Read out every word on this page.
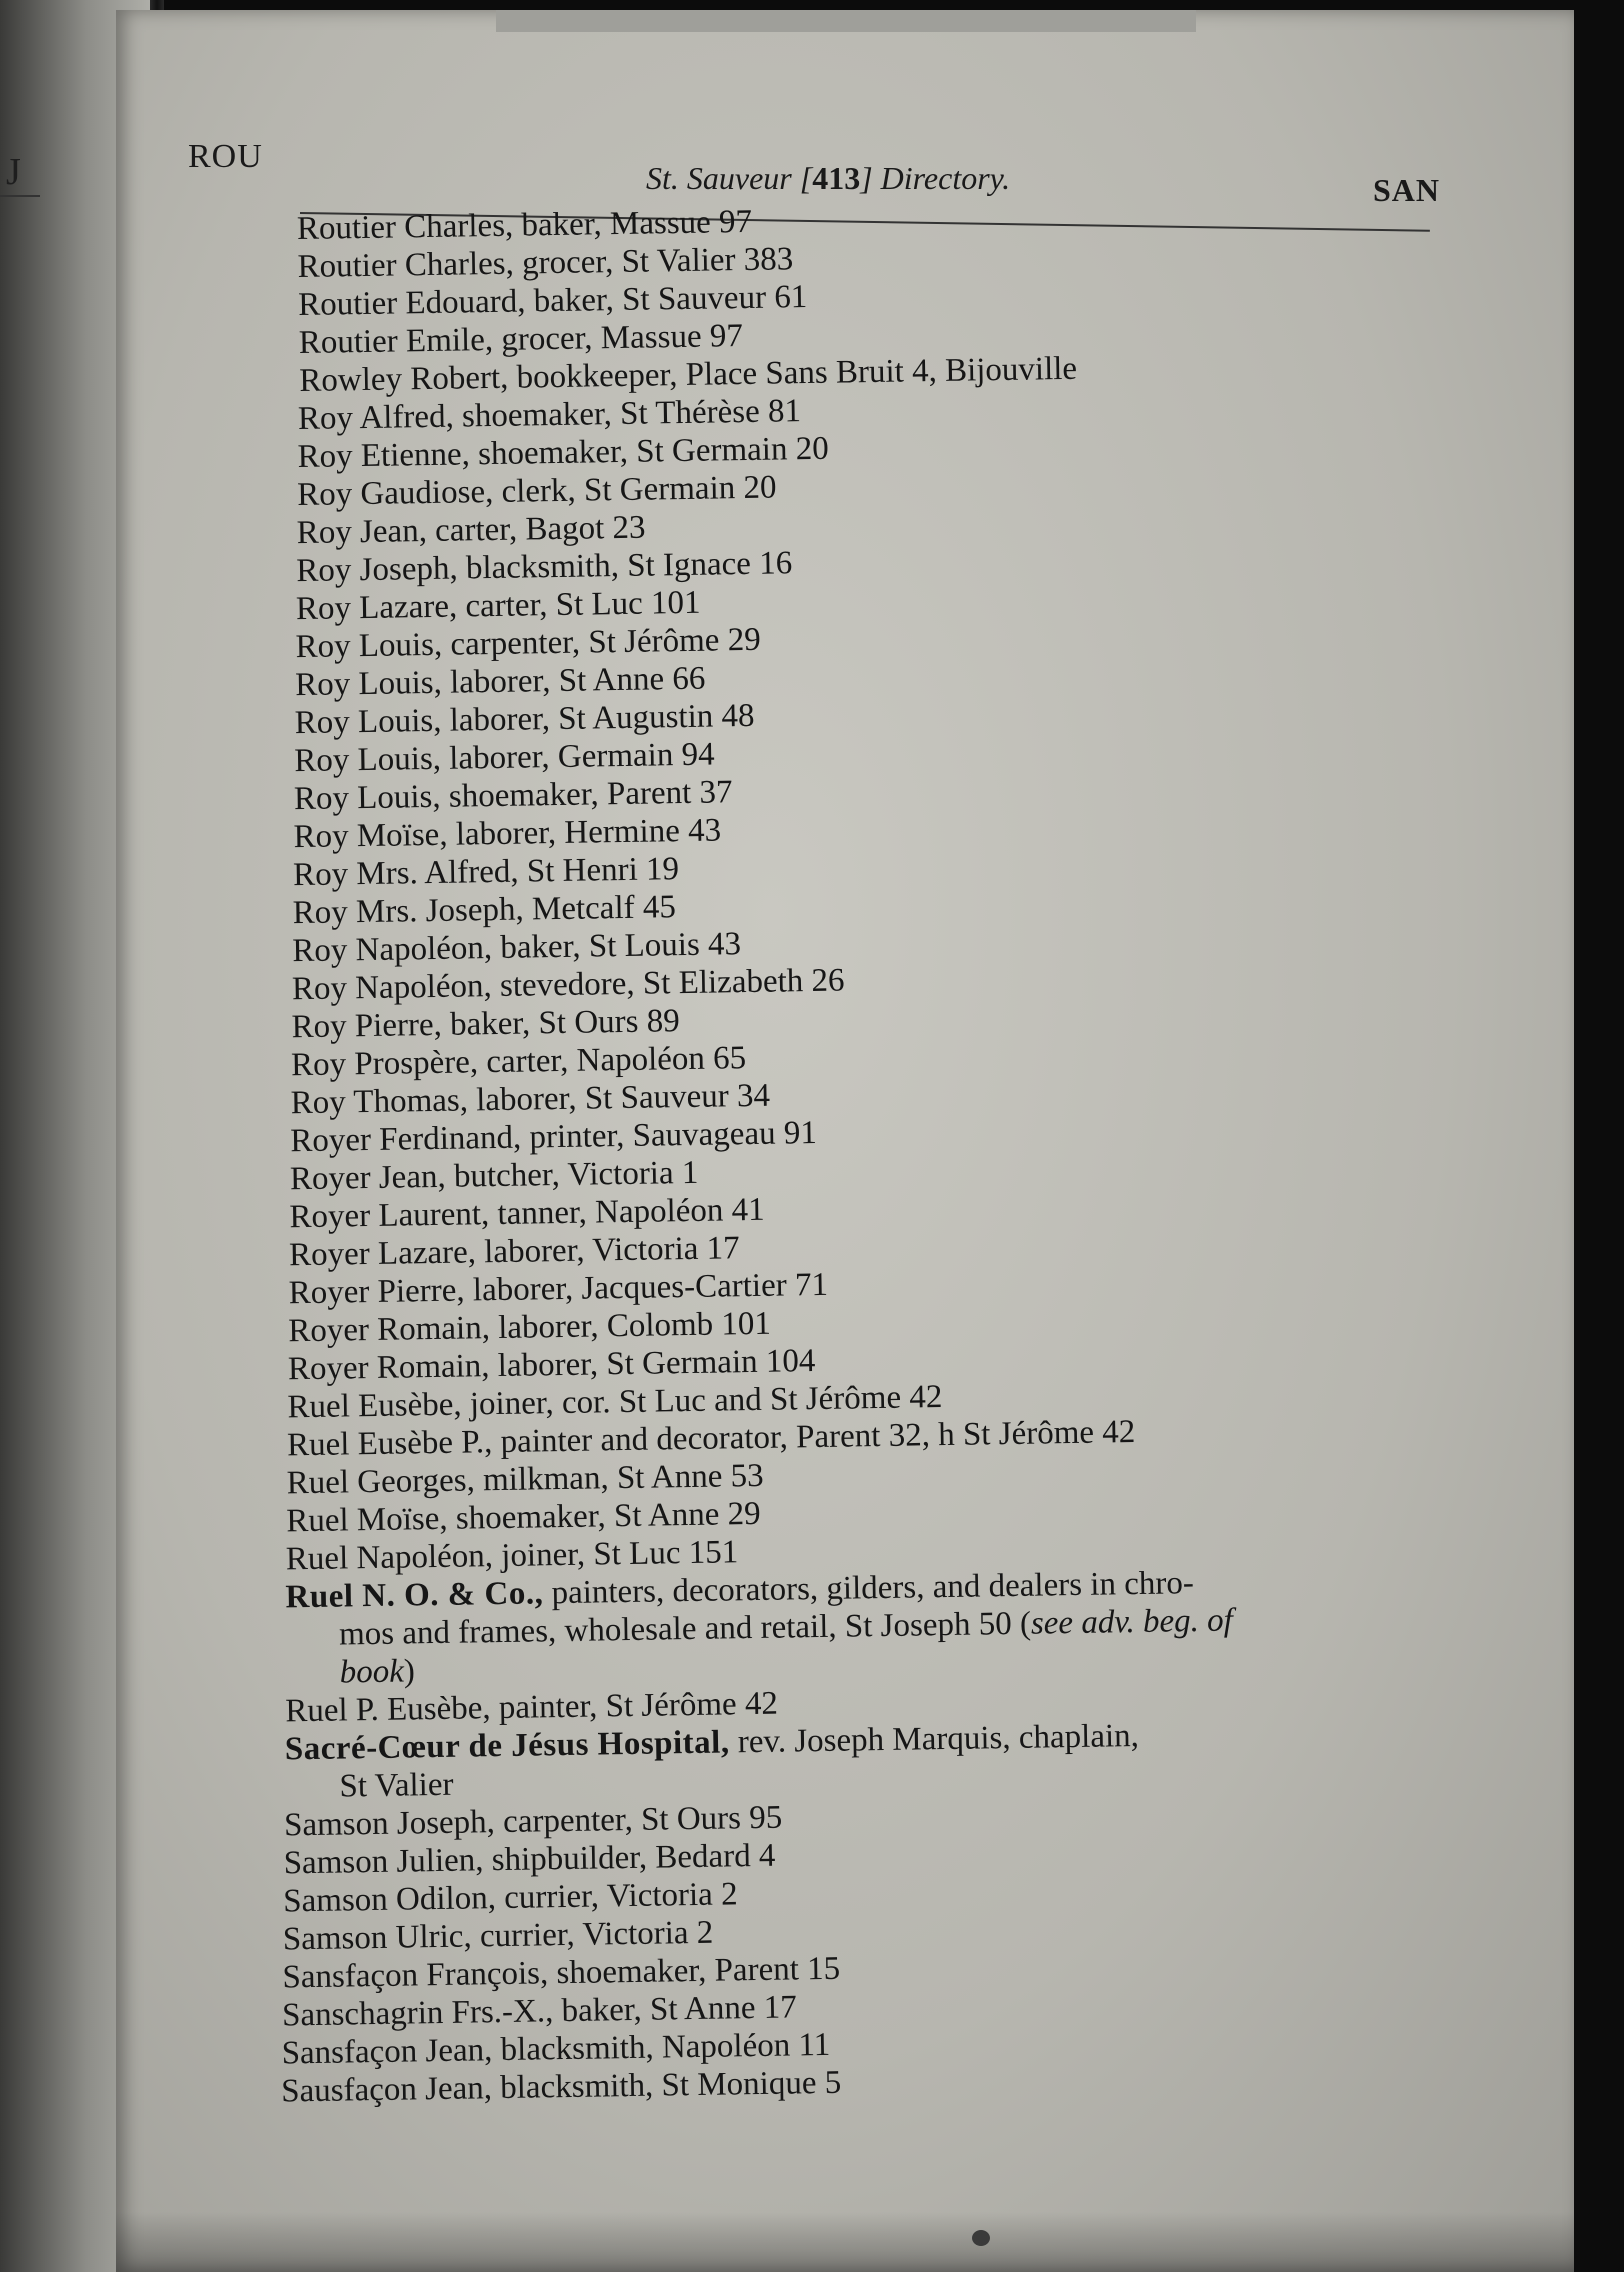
J	ROU
St. Sauveur [413] Directory.	SAN
Routier Charles, baker, Massue 97
Routier Charles, grocer, St Valier 383
Routier Edouard, baker, St Sauveur 61
Routier Emile, grocer, Massue 97
Rowley Robert, bookkeeper, Place Sans Bruit 4, Bijouville
Roy Alfred, shoemaker, St Thérèse 81
Roy Etienne, shoemaker, St Germain 20
Roy Gaudiose, clerk, St Germain 20
Roy Jean, carter, Bagot 23
Roy Joseph, blacksmith, St Ignace 16
Roy Lazare, carter, St Luc 101
Roy Louis, carpenter, St Jérôme 29
Roy Louis, laborer, St Anne 66
Roy Louis, laborer, St Augustin 48
Roy Louis, laborer, Germain 94
Roy Louis, shoemaker, Parent 37
Roy Moïse, laborer, Hermine 43
Roy Mrs. Alfred, St Henri 19
Roy Mrs. Joseph, Metcalf 45
Roy Napoléon, baker, St Louis 43
Roy Napoléon, stevedore, St Elizabeth 26
Roy Pierre, baker, St Ours 89
Roy Prospère, carter, Napoléon 65
Roy Thomas, laborer, St Sauveur 34
Royer Ferdinand, printer, Sauvageau 91
Royer Jean, butcher, Victoria 1
Royer Laurent, tanner, Napoléon 41
Royer Lazare, laborer, Victoria 17
Royer Pierre, laborer, Jacques-Cartier 71
Royer Romain, laborer, Colomb 101
Royer Romain, laborer, St Germain 104
Ruel Eusèbe, joiner, cor. St Luc and St Jérôme 42
Ruel Eusèbe P., painter and decorator, Parent 32, h St Jérôme 42
Ruel Georges, milkman, St Anne 53
Ruel Moïse, shoemaker, St Anne 29
Ruel Napoléon, joiner, St Luc 151
Ruel N. O. & Co., painters, decorators, gilders, and dealers in chro-
mos and frames, wholesale and retail, St Joseph 50 (see adv. beg. of
book)
Ruel P. Eusèbe, painter, St Jérôme 42
Sacré-Cœur de Jésus Hospital, rev. Joseph Marquis, chaplain,
St Valier
Samson Joseph, carpenter, St Ours 95
Samson Julien, shipbuilder, Bedard 4
Samson Odilon, currier, Victoria 2
Samson Ulric, currier, Victoria 2
Sansfaçon François, shoemaker, Parent 15
Sanschagrin Frs.-X., baker, St Anne 17
Sansfaçon Jean, blacksmith, Napoléon 11
Sausfaçon Jean, blacksmith, St Monique 5
